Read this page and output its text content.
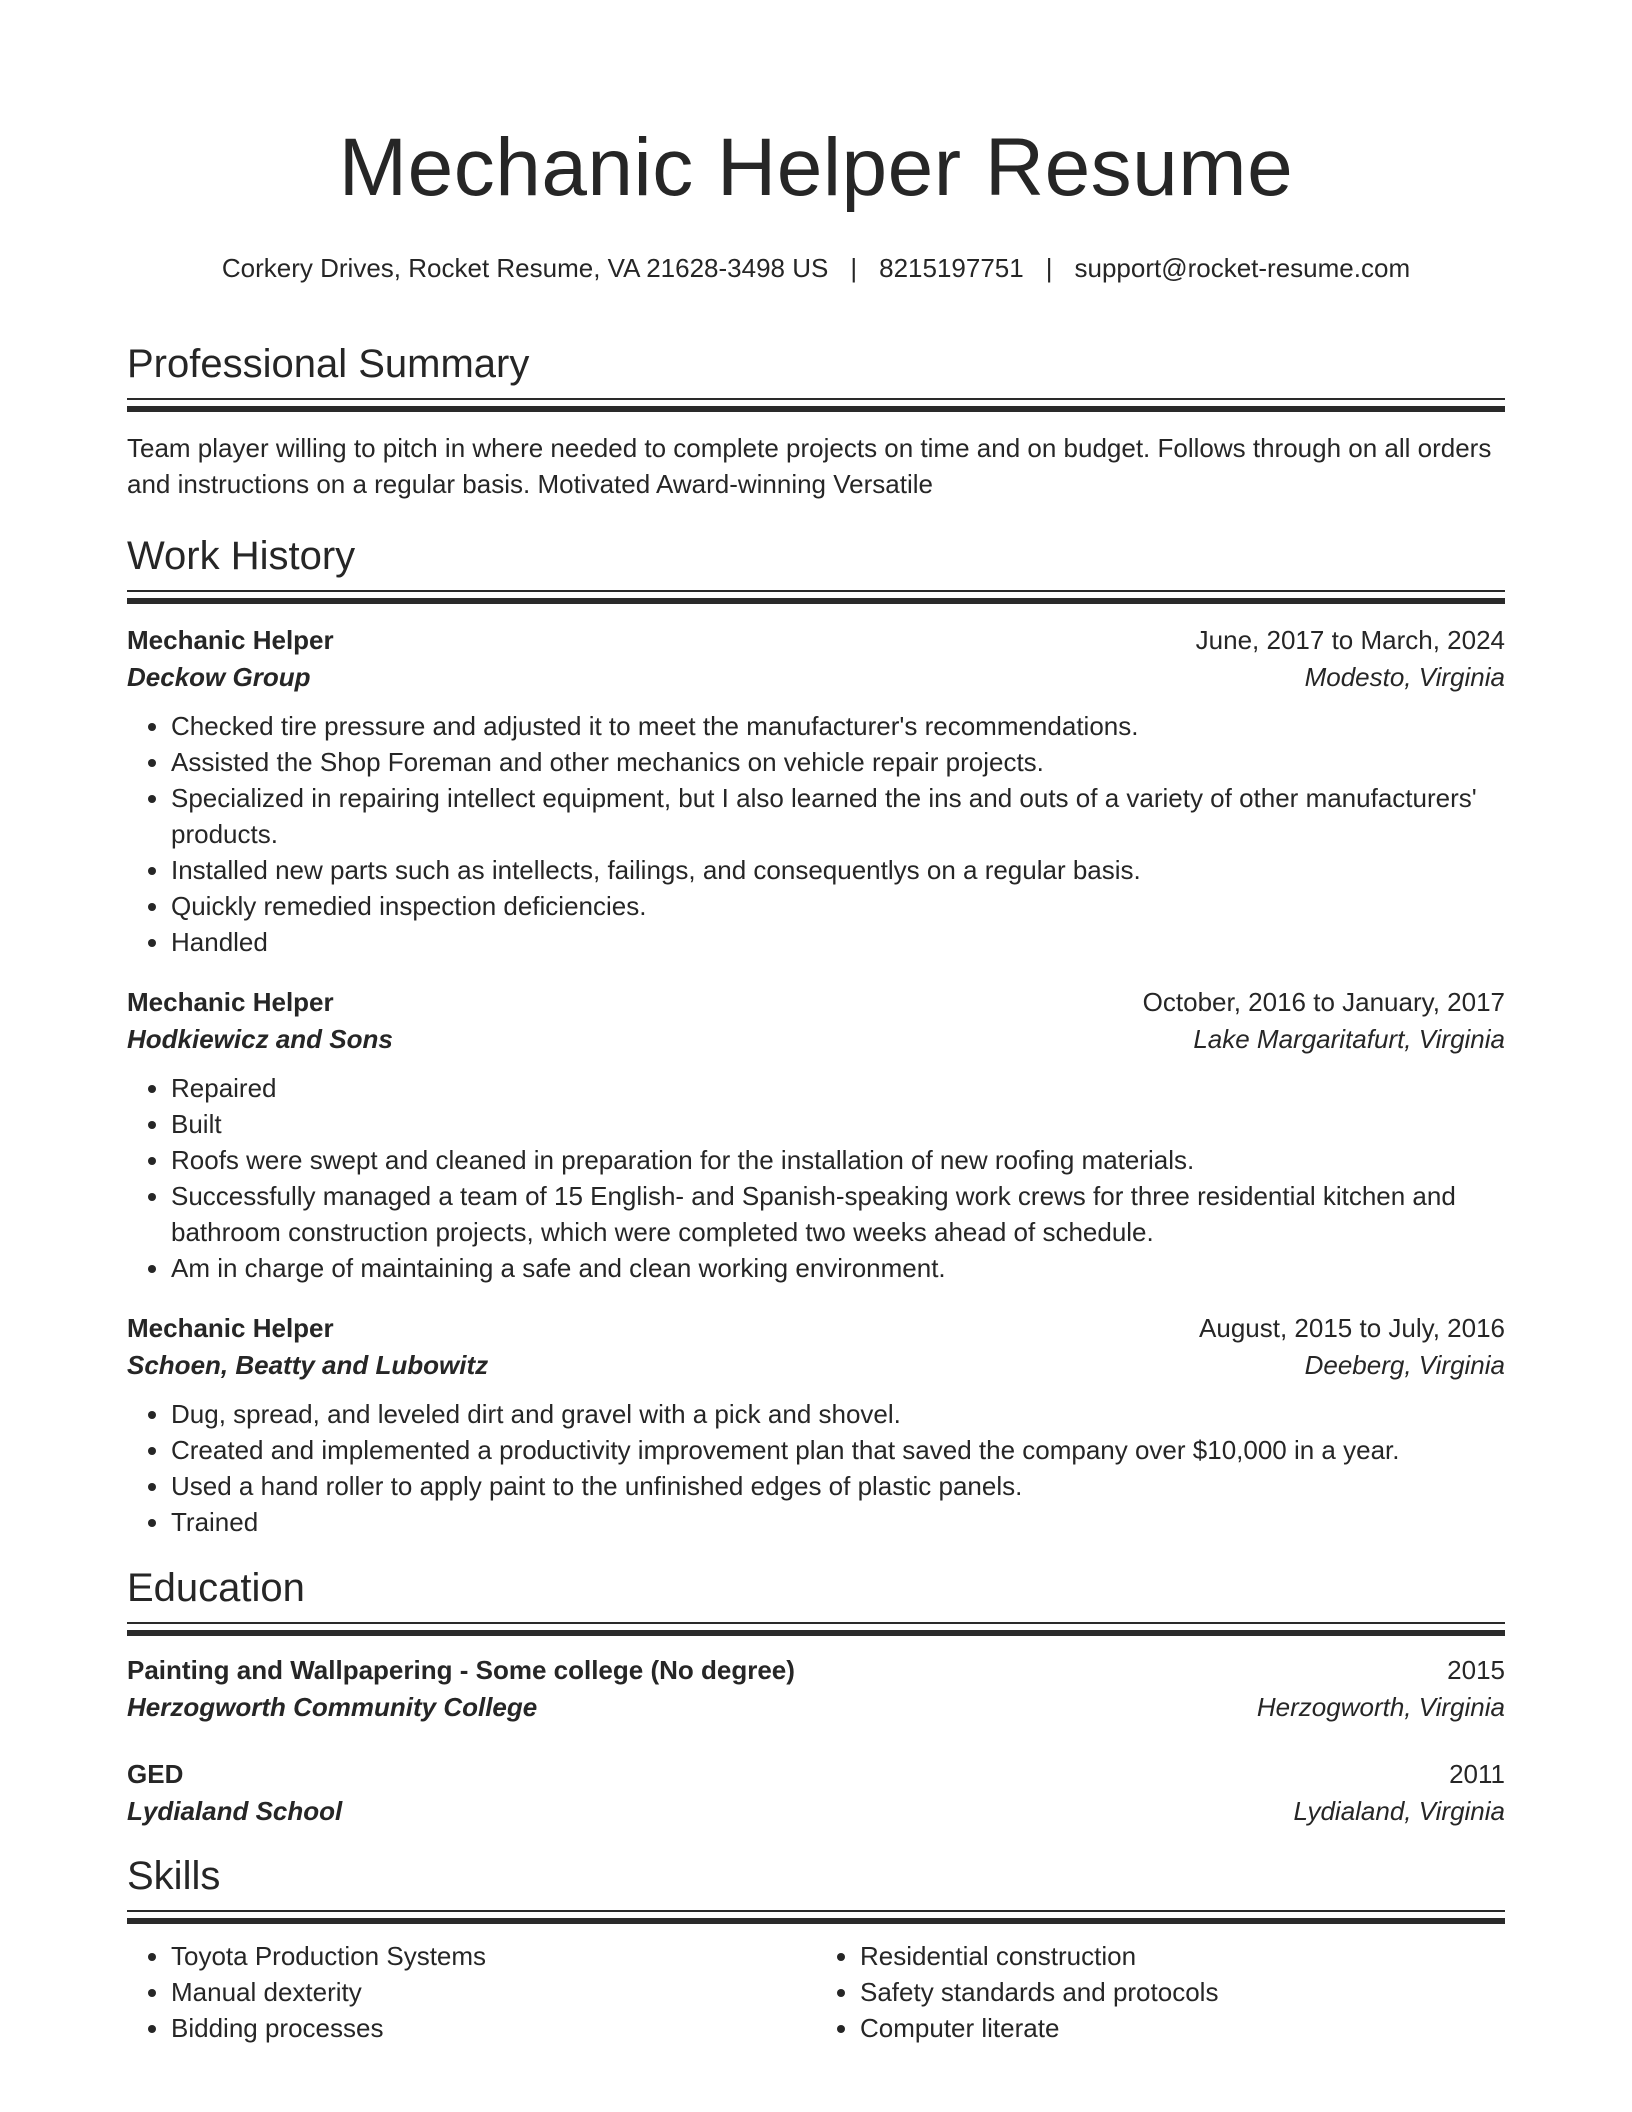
Mechanic Helper Resume
Corkery Drives, Rocket Resume, VA 21628-3498 US | 8215197751 | support@rocket-resume.com
Professional Summary
Team player willing to pitch in where needed to complete projects on time and on budget. Follows through on all orders and instructions on a regular basis. Motivated Award-winning Versatile
Work History
Mechanic Helper	June, 2017 to March, 2024
Deckow Group	Modesto, Virginia
• Checked tire pressure and adjusted it to meet the manufacturer's recommendations.
• Assisted the Shop Foreman and other mechanics on vehicle repair projects.
• Specialized in repairing intellect equipment, but I also learned the ins and outs of a variety of other manufacturers' products.
• Installed new parts such as intellects, failings, and consequentlys on a regular basis.
• Quickly remedied inspection deficiencies.
• Handled
Mechanic Helper	October, 2016 to January, 2017
Hodkiewicz and Sons	Lake Margaritafurt, Virginia
• Repaired
• Built
• Roofs were swept and cleaned in preparation for the installation of new roofing materials.
• Successfully managed a team of 15 English- and Spanish-speaking work crews for three residential kitchen and bathroom construction projects, which were completed two weeks ahead of schedule.
• Am in charge of maintaining a safe and clean working environment.
Mechanic Helper	August, 2015 to July, 2016
Schoen, Beatty and Lubowitz	Deeberg, Virginia
• Dug, spread, and leveled dirt and gravel with a pick and shovel.
• Created and implemented a productivity improvement plan that saved the company over $10,000 in a year.
• Used a hand roller to apply paint to the unfinished edges of plastic panels.
• Trained
Education
Painting and Wallpapering - Some college (No degree)	2015
Herzogworth Community College	Herzogworth, Virginia
GED	2011
Lydialand School	Lydialand, Virginia
Skills
• Toyota Production Systems
• Manual dexterity
• Bidding processes
• Residential construction
• Safety standards and protocols
• Computer literate
